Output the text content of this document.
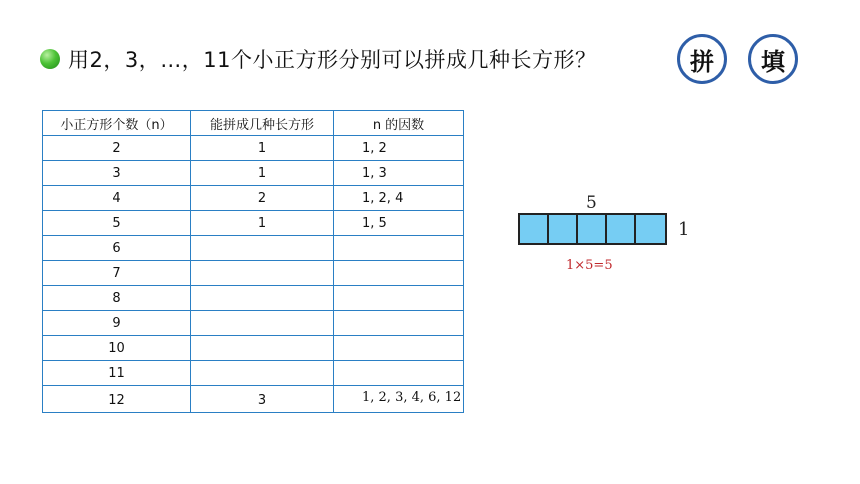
用2，3，…，11个小正方形分别可以拼成几种长方形？	拼	填
小正方形个数（n）	能拼成几种长方形	n 的因数
2	1	1, 2
3	1	1, 3
4	2	1, 2, 4
5	1	1, 5
6		
7		
8		
9		
10		
11		
12	3	1, 2, 3, 4, 6, 12
5
1
1×5=5
